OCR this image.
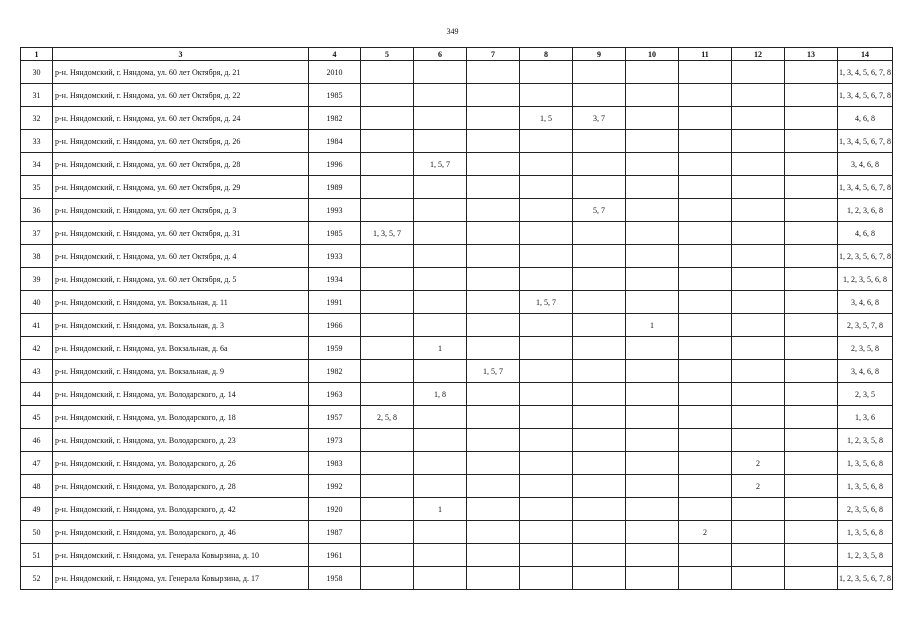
349
1	3	4	5	6	7	8	9	10	11	12	13	14
30	р-н. Няндомский, г. Няндома, ул. 60 лет Октября, д. 21	2010										1, 3, 4, 5, 6, 7, 8
31	р-н. Няндомский, г. Няндома, ул. 60 лет Октября, д. 22	1985										1, 3, 4, 5, 6, 7, 8
32	р-н. Няндомский, г. Няндома, ул. 60 лет Октября, д. 24	1982				1, 5	3, 7					4, 6, 8
33	р-н. Няндомский, г. Няндома, ул. 60 лет Октября, д. 26	1984										1, 3, 4, 5, 6, 7, 8
34	р-н. Няндомский, г. Няндома, ул. 60 лет Октября, д. 28	1996		1, 5, 7								3, 4, 6, 8
35	р-н. Няндомский, г. Няндома, ул. 60 лет Октября, д. 29	1989										1, 3, 4, 5, 6, 7, 8
36	р-н. Няндомский, г. Няндома, ул. 60 лет Октября, д. 3	1993					5, 7					1, 2, 3, 6, 8
37	р-н. Няндомский, г. Няндома, ул. 60 лет Октября, д. 31	1985	1, 3, 5, 7									4, 6, 8
38	р-н. Няндомский, г. Няндома, ул. 60 лет Октября, д. 4	1933										1, 2, 3, 5, 6, 7, 8
39	р-н. Няндомский, г. Няндома, ул. 60 лет Октября, д. 5	1934										1, 2, 3, 5, 6, 8
40	р-н. Няндомский, г. Няндома, ул. Вокзальная, д. 11	1991				1, 5, 7						3, 4, 6, 8
41	р-н. Няндомский, г. Няндома, ул. Вокзальная, д. 3	1966						1				2, 3, 5, 7, 8
42	р-н. Няндомский, г. Няндома, ул. Вокзальная, д. 6а	1959		1								2, 3, 5, 8
43	р-н. Няндомский, г. Няндома, ул. Вокзальная, д. 9	1982			1, 5, 7							3, 4, 6, 8
44	р-н. Няндомский, г. Няндома, ул. Володарского, д. 14	1963		1, 8								2, 3, 5
45	р-н. Няндомский, г. Няндома, ул. Володарского, д. 18	1957	2, 5, 8									1, 3, 6
46	р-н. Няндомский, г. Няндома, ул. Володарского, д. 23	1973										1, 2, 3, 5, 8
47	р-н. Няндомский, г. Няндома, ул. Володарского, д. 26	1983								2		1, 3, 5, 6, 8
48	р-н. Няндомский, г. Няндома, ул. Володарского, д. 28	1992								2		1, 3, 5, 6, 8
49	р-н. Няндомский, г. Няндома, ул. Володарского, д. 42	1920		1								2, 3, 5, 6, 8
50	р-н. Няндомский, г. Няндома, ул. Володарского, д. 46	1987							2			1, 3, 5, 6, 8
51	р-н. Няндомский, г. Няндома, ул. Генерала Ковырзина, д. 10	1961										1, 2, 3, 5, 8
52	р-н. Няндомский, г. Няндома, ул. Генерала Ковырзина, д. 17	1958										1, 2, 3, 5, 6, 7, 8
